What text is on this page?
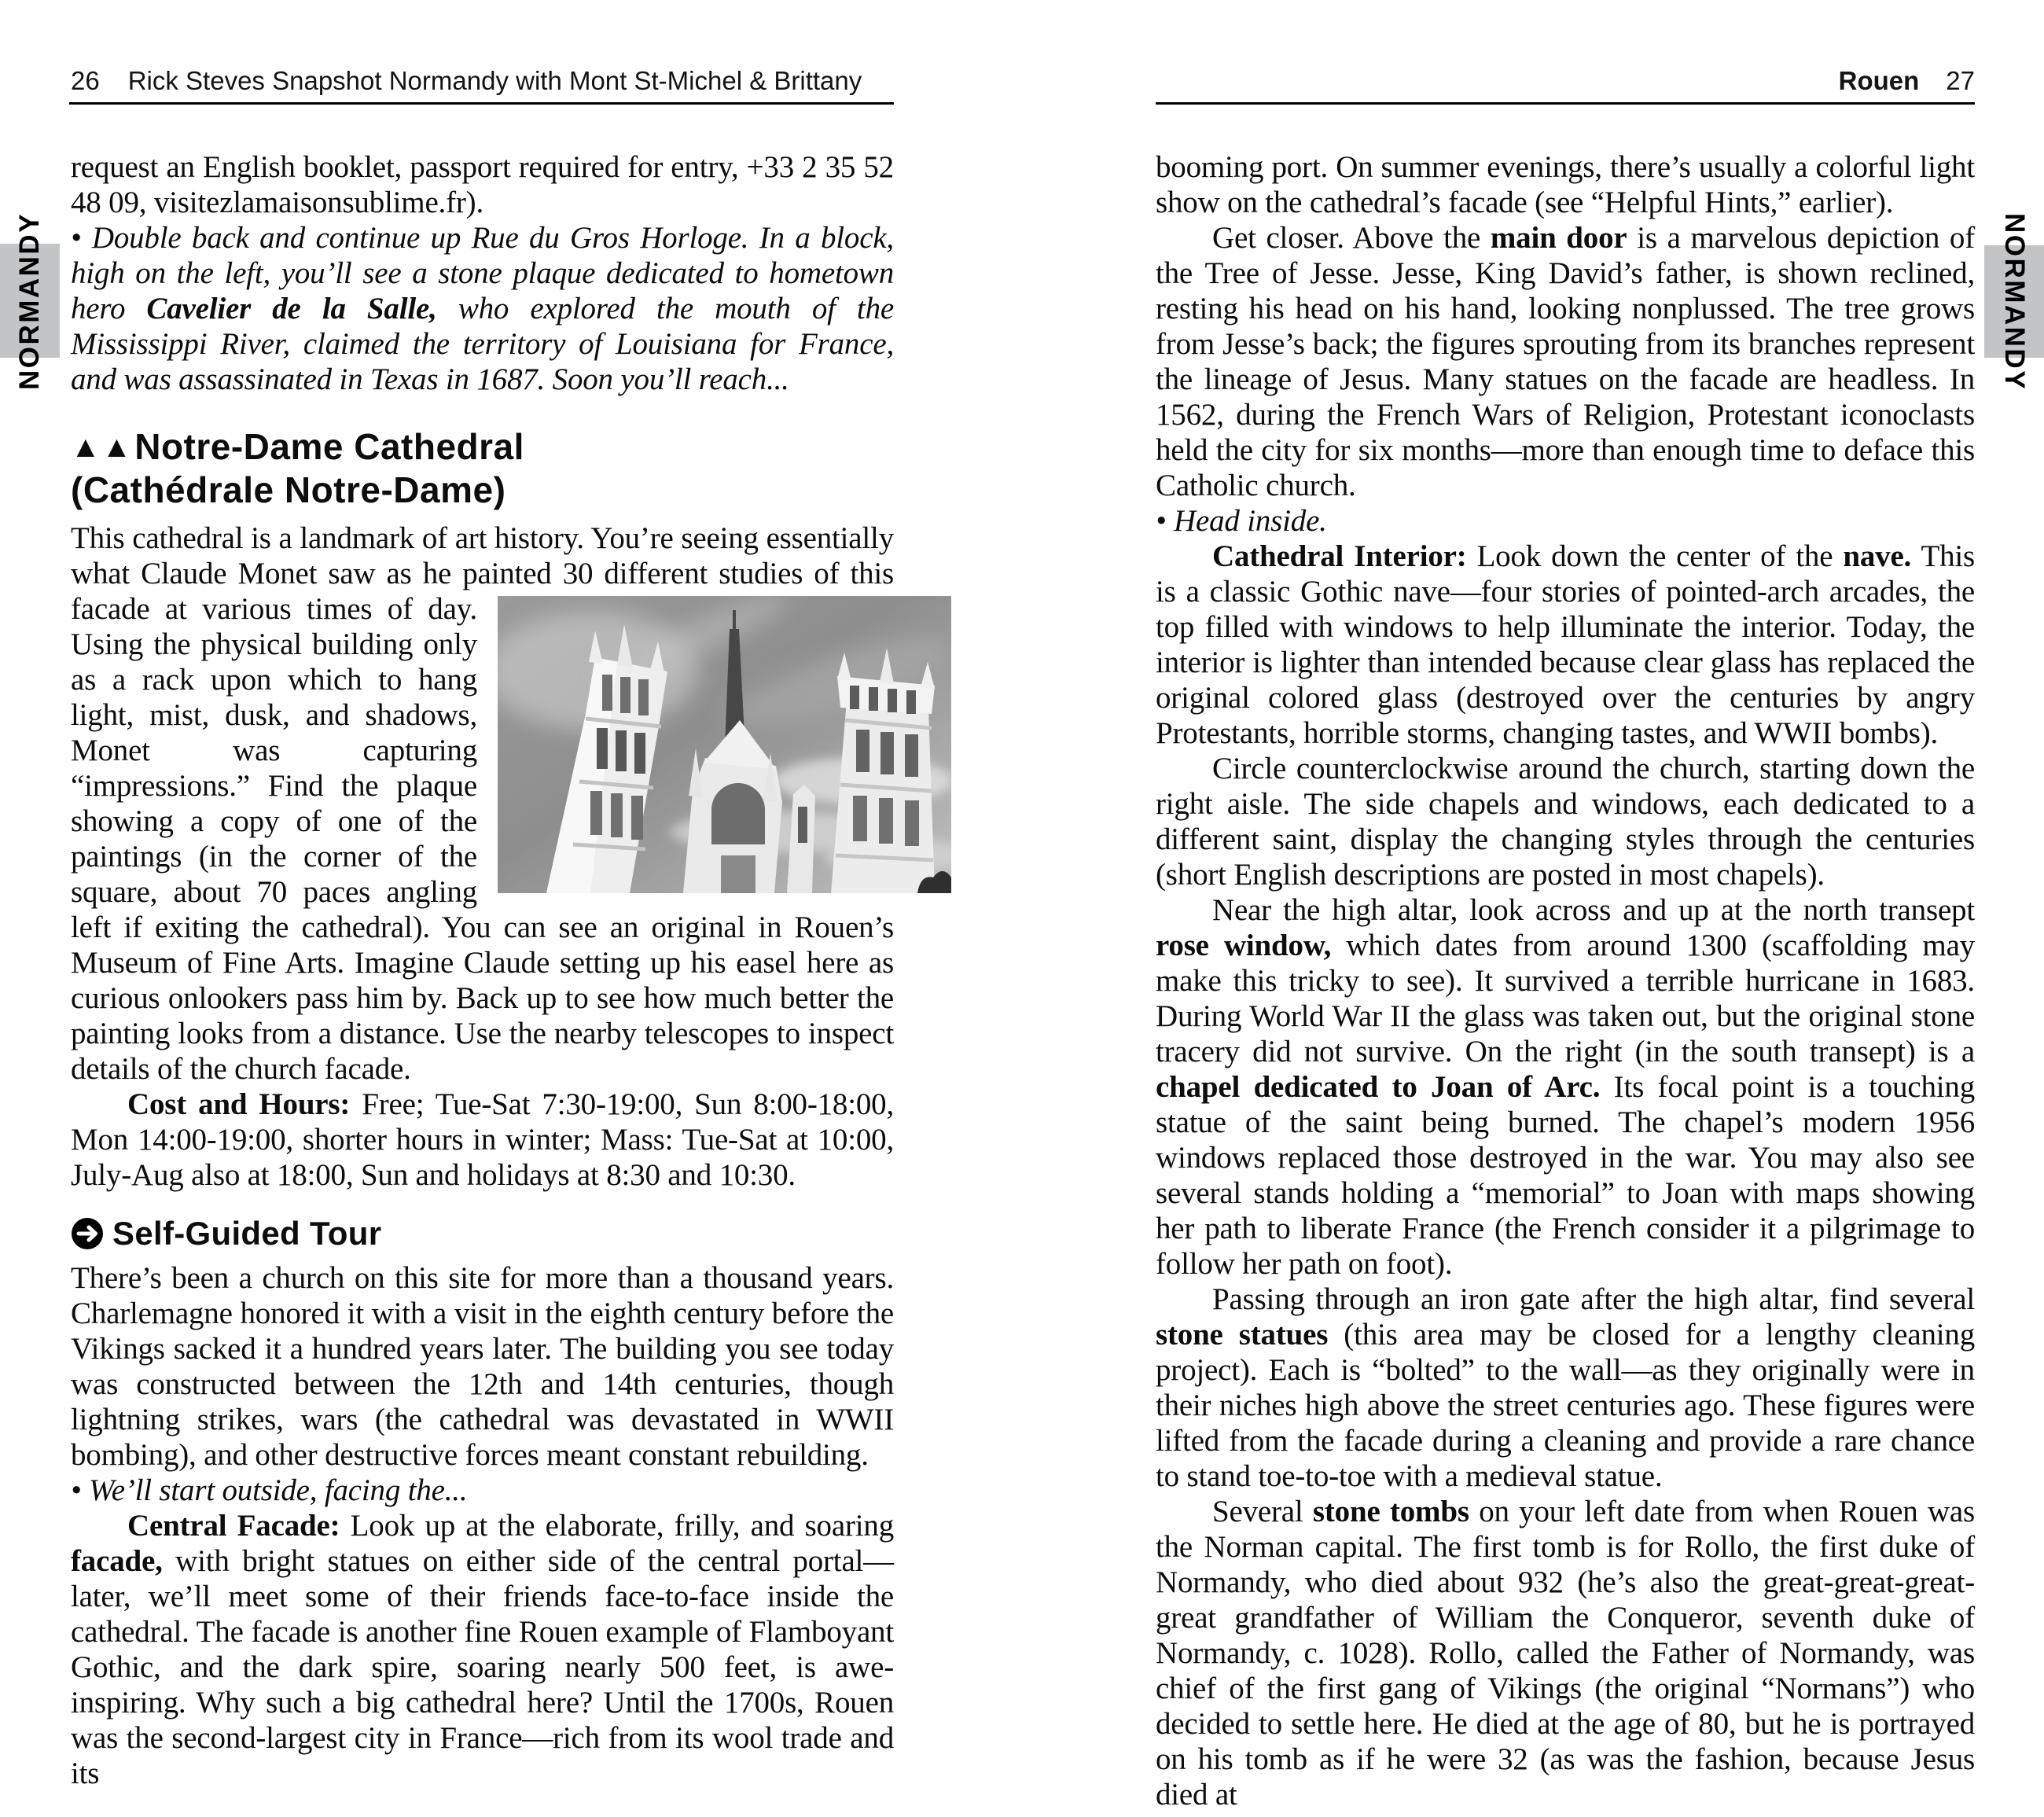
26 Rick Steves Snapshot Normandy with Mont St-Michel & Brittany	Rouen 27
NORMANDY	NORMANDY

request an English booklet, passport required for entry, +33 2 35 52 48 09, visitezlamaisonsublime.fr).

• Double back and continue up Rue du Gros Horloge. In a block, high on the left, you’ll see a stone plaque dedicated to hometown hero Cavelier de la Salle, who explored the mouth of the Mississippi River, claimed the territory of Louisiana for France, and was assassinated in Texas in 1687. Soon you’ll reach...

▲▲Notre-Dame Cathedral
(Cathédrale Notre-Dame)

This cathedral is a landmark of art history. You’re seeing essentially what Claude Monet saw as he painted 30 different studies of this
facade at various times of day. Using the physical building only as a rack upon which to hang light, mist, dusk, and shadows, Monet was capturing “impressions.” Find the plaque showing a copy of one of the paintings (in the corner of the square, about 70 paces angling left if exiting the cathedral). You can see an original in Rouen’s Museum of Fine Arts. Imagine Claude setting up his easel here as curious onlookers pass him by. Back up to see how much better the painting looks from a distance. Use the nearby telescopes to inspect details of the church facade.

Cost and Hours: Free; Tue-Sat 7:30-19:00, Sun 8:00-18:00, Mon 14:00-19:00, shorter hours in winter; Mass: Tue-Sat at 10:00, July-Aug also at 18:00, Sun and holidays at 8:30 and 10:30.

Self-Guided Tour

There’s been a church on this site for more than a thousand years. Charlemagne honored it with a visit in the eighth century before the Vikings sacked it a hundred years later. The building you see today was constructed between the 12th and 14th centuries, though lightning strikes, wars (the cathedral was devastated in WWII bombing), and other destructive forces meant constant rebuilding.

• We’ll start outside, facing the...

Central Facade: Look up at the elaborate, frilly, and soaring facade, with bright statues on either side of the central portal—later, we’ll meet some of their friends face-to-face inside the cathedral. The facade is another fine Rouen example of Flamboyant Gothic, and the dark spire, soaring nearly 500 feet, is awe-inspiring. Why such a big cathedral here? Until the 1700s, Rouen was the second-largest city in France—rich from its wool trade and its

booming port. On summer evenings, there’s usually a colorful light show on the cathedral’s facade (see “Helpful Hints,” earlier).

Get closer. Above the main door is a marvelous depiction of the Tree of Jesse. Jesse, King David’s father, is shown reclined, resting his head on his hand, looking nonplussed. The tree grows from Jesse’s back; the figures sprouting from its branches represent the lineage of Jesus. Many statues on the facade are headless. In 1562, during the French Wars of Religion, Protestant iconoclasts held the city for six months—more than enough time to deface this Catholic church.

• Head inside.

Cathedral Interior: Look down the center of the nave. This is a classic Gothic nave—four stories of pointed-arch arcades, the top filled with windows to help illuminate the interior. Today, the interior is lighter than intended because clear glass has replaced the original colored glass (destroyed over the centuries by angry Protestants, horrible storms, changing tastes, and WWII bombs).

Circle counterclockwise around the church, starting down the right aisle. The side chapels and windows, each dedicated to a different saint, display the changing styles through the centuries (short English descriptions are posted in most chapels).

Near the high altar, look across and up at the north transept rose window, which dates from around 1300 (scaffolding may make this tricky to see). It survived a terrible hurricane in 1683. During World War II the glass was taken out, but the original stone tracery did not survive. On the right (in the south transept) is a chapel dedicated to Joan of Arc. Its focal point is a touching statue of the saint being burned. The chapel’s modern 1956 windows replaced those destroyed in the war. You may also see several stands holding a “memorial” to Joan with maps showing her path to liberate France (the French consider it a pilgrimage to follow her path on foot).

Passing through an iron gate after the high altar, find several stone statues (this area may be closed for a lengthy cleaning project). Each is “bolted” to the wall—as they originally were in their niches high above the street centuries ago. These figures were lifted from the facade during a cleaning and provide a rare chance to stand toe-to-toe with a medieval statue.

Several stone tombs on your left date from when Rouen was the Norman capital. The first tomb is for Rollo, the first duke of Normandy, who died about 932 (he’s also the great-great-great-great grandfather of William the Conqueror, seventh duke of Normandy, c. 1028). Rollo, called the Father of Normandy, was chief of the first gang of Vikings (the original “Normans”) who decided to settle here. He died at the age of 80, but he is portrayed on his tomb as if he were 32 (as was the fashion, because Jesus died at
